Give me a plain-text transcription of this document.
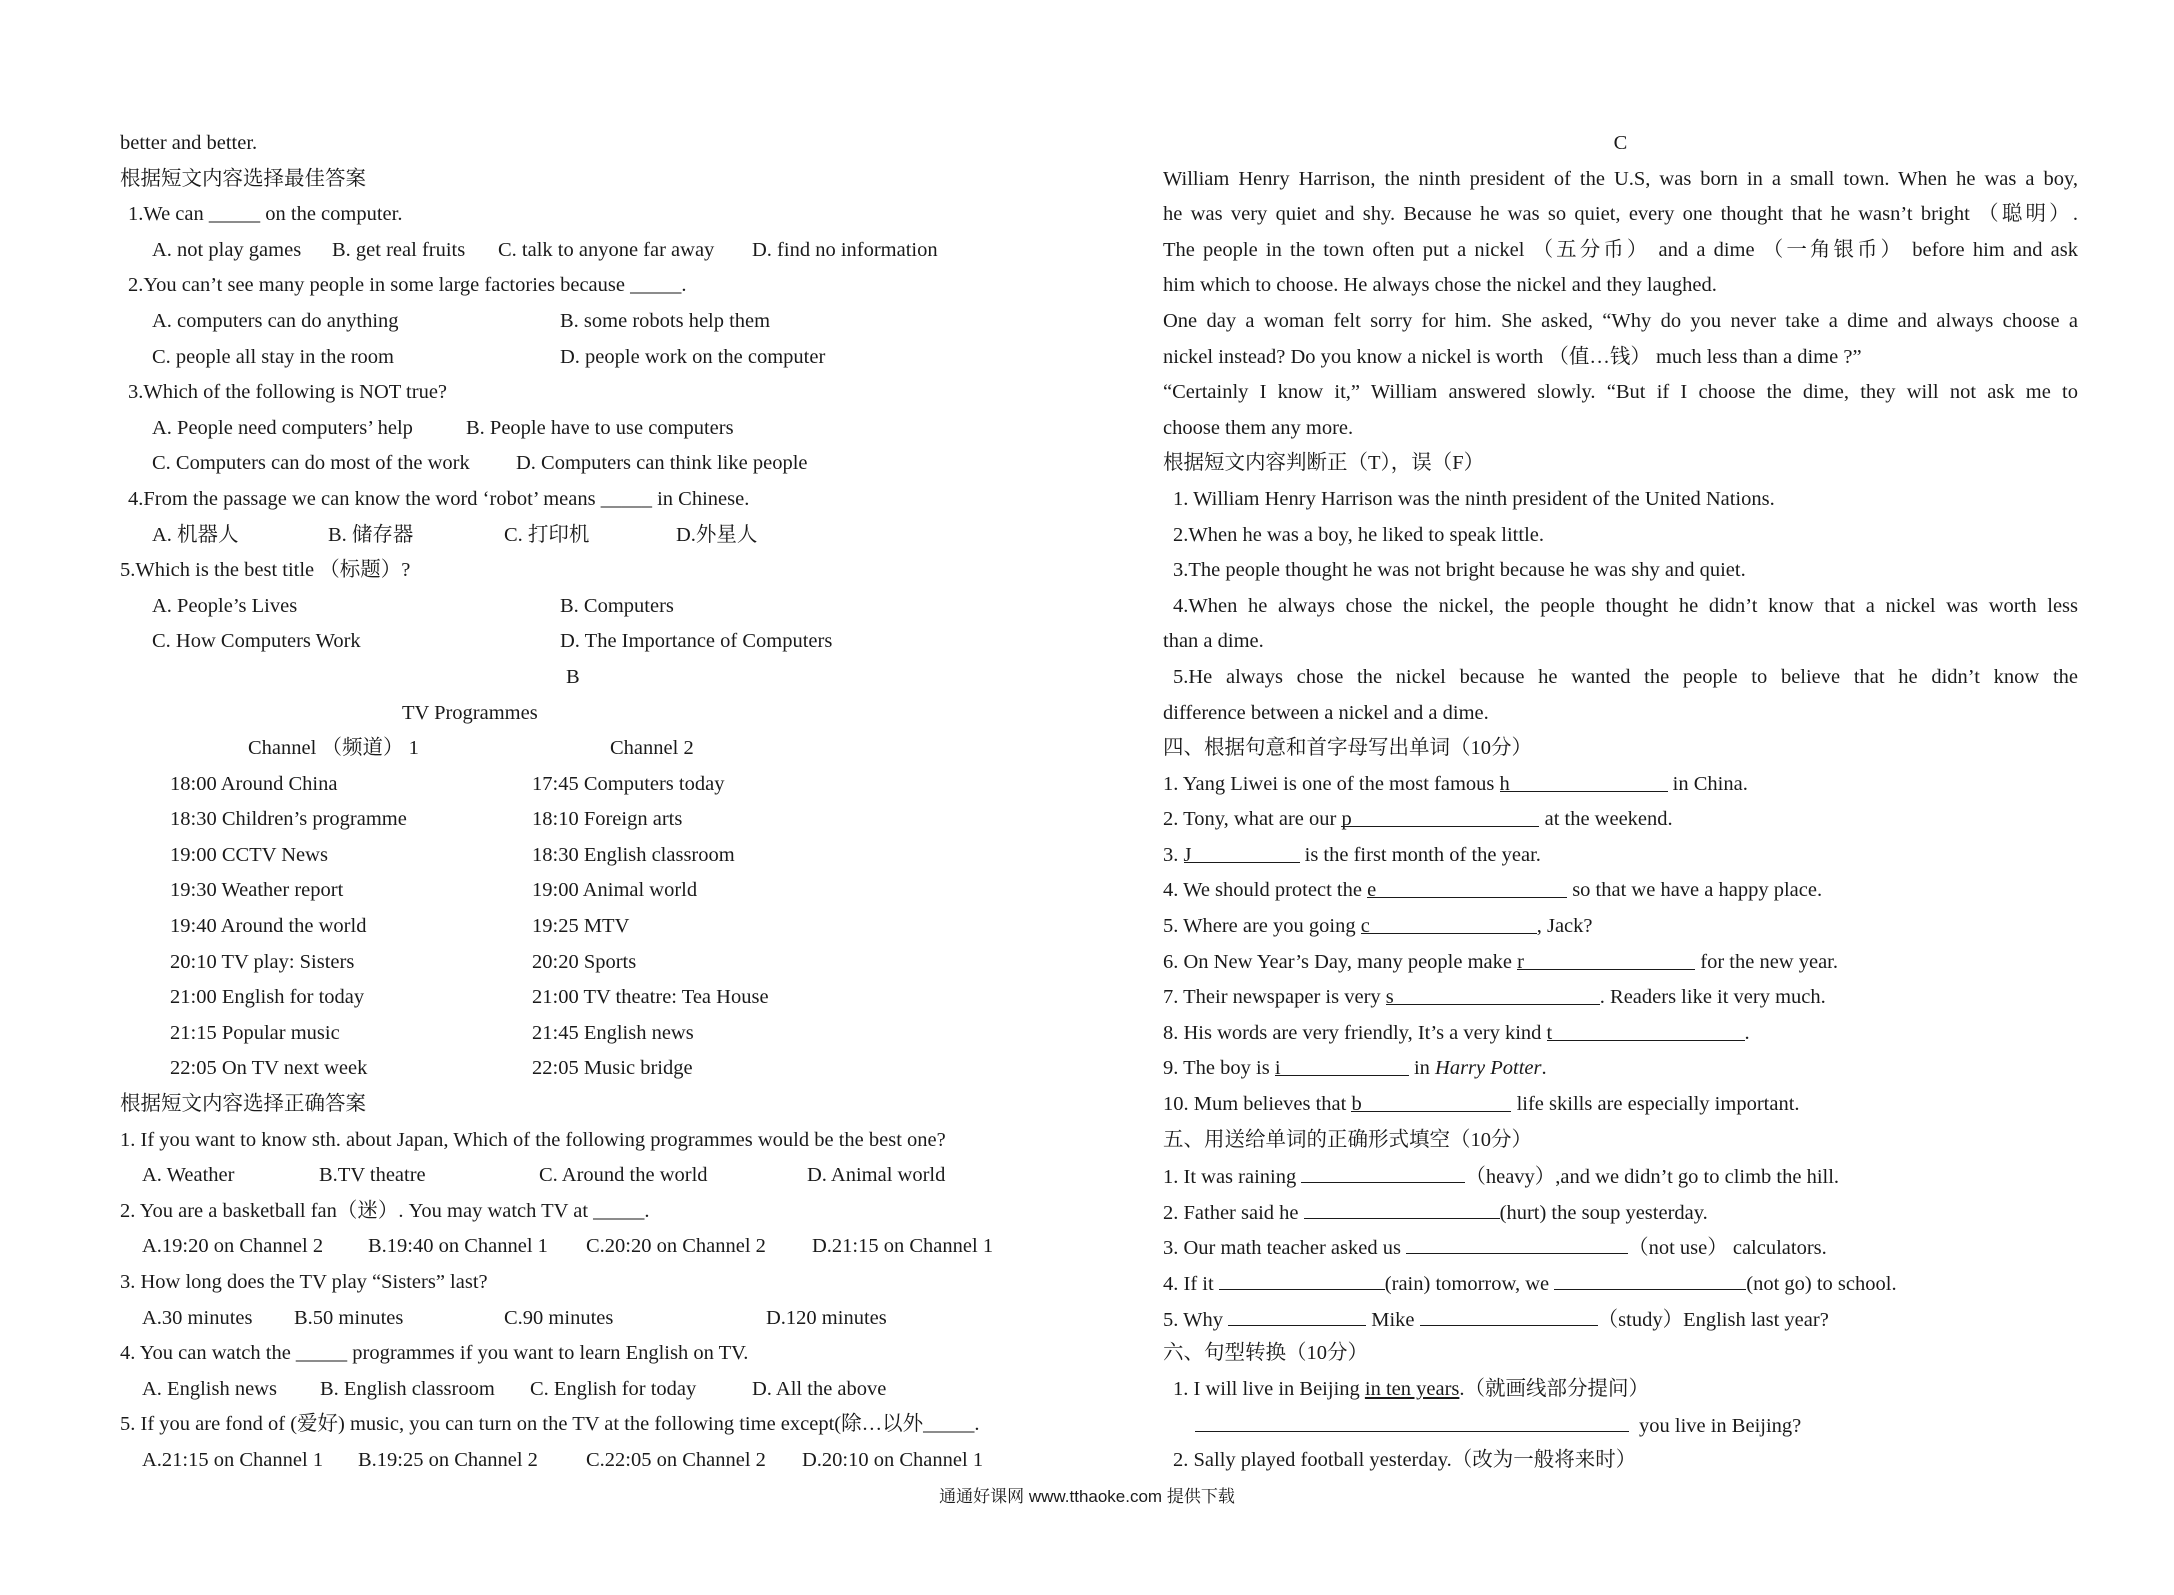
better and better.
根据短文内容选择最佳答案
1.We can _____ on the computer.
A. not play games B. get real fruits C. talk to anyone far away D. find no information
2.You can’t see many people in some large factories because _____.
A. computers can do anything	B. some robots help them
C. people all stay in the room	D. people work on the computer
3.Which of the following is NOT true?
A. People need computers’ help	B. People have to use computers
C. Computers can do most of the work D. Computers can think like people
4.From the passage we can know the word ‘robot’ means _____ in Chinese.
A. 机器人	B. 储存器	C. 打印机	D.外星人
5.Which is the best title （标题）?
A. People’s Lives	B. Computers
C. How Computers Work	D. The Importance of Computers
B
TV Programmes
Channel （频道） 1	Channel 2
18:00 Around China	17:45 Computers today
18:30 Children’s programme	18:10 Foreign arts
19:00 CCTV News	18:30 English classroom
19:30 Weather report	19:00 Animal world
19:40 Around the world	19:25 MTV
20:10 TV play: Sisters	20:20 Sports
21:00 English for today	21:00 TV theatre: Tea House
21:15 Popular music	21:45 English news
22:05 On TV next week	22:05 Music bridge
根据短文内容选择正确答案
1. If you want to know sth. about Japan, Which of the following programmes would be the best one?
A. Weather	B.TV theatre	C. Around the world	D. Animal world
2. You are a basketball fan（迷）. You may watch TV at _____.
A.19:20 on Channel 2 B.19:40 on Channel 1 C.20:20 on Channel 2 D.21:15 on Channel 1
3. How long does the TV play “Sisters” last?
A.30 minutes B.50 minutes	C.90 minutes	D.120 minutes
4. You can watch the _____ programmes if you want to learn English on TV.
A. English news B. English classroom C. English for today	D. All the above
5. If you are fond of (爱好) music, you can turn on the TV at the following time except(除…以外_____.
A.21:15 on Channel 1 B.19:25 on Channel 2 C.22:05 on Channel 2 D.20:10 on Channel 1
C
William Henry Harrison, the ninth president of the U.S, was born in a small town. When he was a boy,
he was very quiet and shy. Because he was so quiet, every one thought that he wasn’t bright （聪明）.
The people in the town often put a nickel （五分币） and a dime （一角银币） before him and ask
him which to choose. He always chose the nickel and they laughed.
One day a woman felt sorry for him. She asked, “Why do you never take a dime and always choose a
nickel instead? Do you know a nickel is worth （值…钱） much less than a dime ?”
“Certainly I know it,” William answered slowly. “But if I choose the dime, they will not ask me to
choose them any more.
根据短文内容判断正（T），误（F）
1. William Henry Harrison was the ninth president of the United Nations.
2.When he was a boy, he liked to speak little.
3.The people thought he was not bright because he was shy and quiet.
4.When he always chose the nickel, the people thought he didn’t know that a nickel was worth less
than a dime.
5.He always chose the nickel because he wanted the people to believe that he didn’t know the
difference between a nickel and a dime.
四、根据句意和首字母写出单词（10分）
1. Yang Liwei is one of the most famous h	in China.
2. Tony, what are our p	at the weekend.
3. J	is the first month of the year.
4. We should protect the e	so that we have a happy place.
5. Where are you going c	, Jack?
6. On New Year’s Day, many people make r	for the new year.
7. Their newspaper is very s	. Readers like it very much.
8. His words are very friendly, It’s a very kind t	.
9. The boy is i	in Harry Potter.
10. Mum believes that b	life skills are especially important.
五、用送给单词的正确形式填空（10分）
1. It was raining	（heavy）,and we didn’t go to climb the hill.
2. Father said he	(hurt) the soup yesterday.
3. Our math teacher asked us	（not use） calculators.
4. If it	(rain) tomorrow, we	(not go) to school.
5. Why	Mike	（study）English last year?
六、句型转换（10分）
1. I will live in Beijing in ten years.（就画线部分提问）
you live in Beijing?
2. Sally played football yesterday.（改为一般将来时）
通通好课网 www.tthaoke.com 提供下载
